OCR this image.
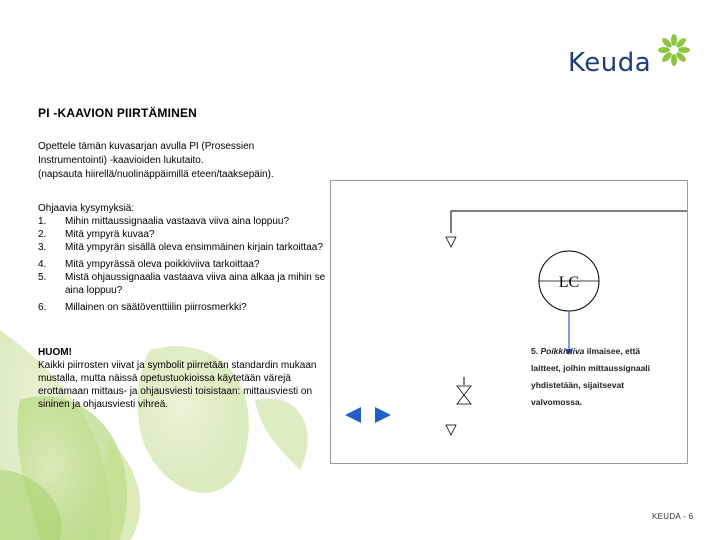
Keuda
PI -KAAVION PIIRTÄMINEN
Opettele tämän kuvasarjan avulla PI (Prosessien
Instrumentointi) -kaavioiden lukutaito.
(napsauta hiirellä/nuolinäppäimillä eteen/taaksepäin).
Ohjaavia kysymyksiä:
1.	Mihin mittaussignaalia vastaava viiva aina loppuu?
2.	Mitä ympyrä kuvaa?
3.	Mitä ympyrän sisällä oleva ensimmäinen kirjain tarkoittaa?
4.	Mitä ympyrässä oleva poikkiviiva tarkoittaa?
5.	Mistä ohjaussignaalia vastaava viiva aina alkaa ja mihin se aina loppuu?
6.	Millainen on säätöventtiilin piirrosmerkki?
HUOM!
Kaikki piirrosten viivat ja symbolit piirretään standardin mukaan mustalla, mutta näissä opetustuokioissa käytetään värejä erottamaan mittaus- ja ohjausviesti toisistaan: mittausviesti on sininen ja ohjausviesti vihreä.
LC
5. Poikkiviiva ilmaisee, että
laitteet, joihin mittaussignaali
yhdistetään, sijaitsevat
valvomossa.
KEUDA - 6
